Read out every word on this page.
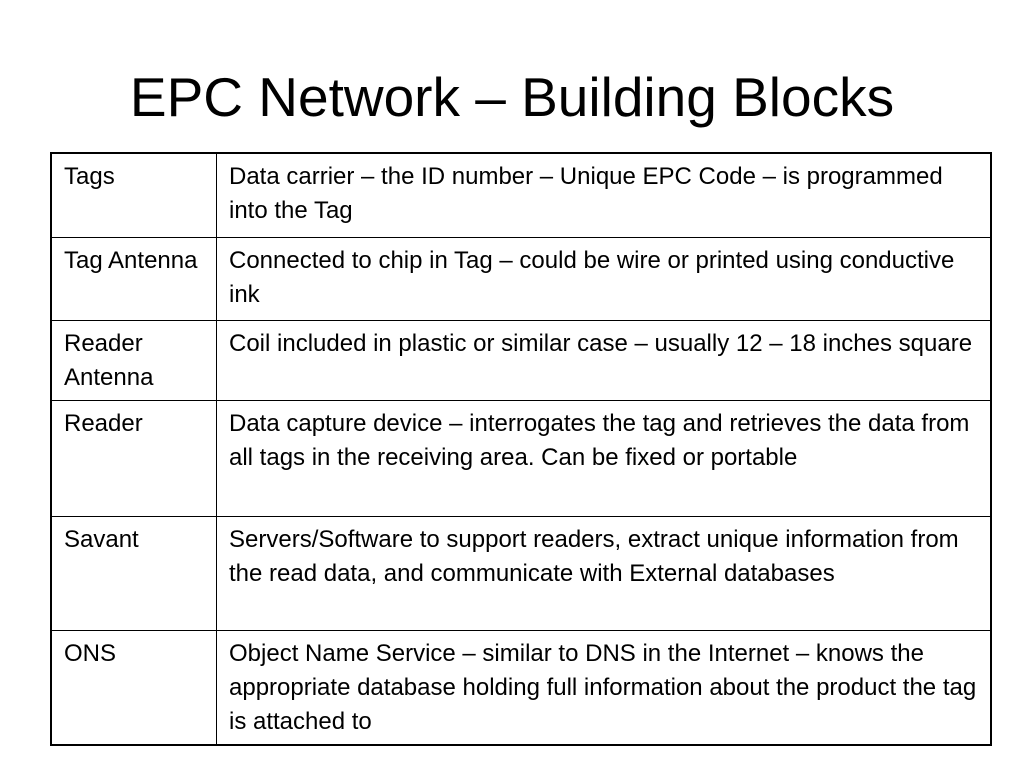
EPC Network – Building Blocks
Tags	Data carrier – the ID number – Unique EPC Code – is programmed into the Tag
Tag Antenna	Connected to chip in Tag – could be wire or printed using conductive ink
Reader Antenna	Coil included in plastic or similar case – usually 12 – 18 inches square
Reader	Data capture device – interrogates the tag and retrieves the data from all tags in the receiving area. Can be fixed or portable
Savant	Servers/Software to support readers, extract unique information from the read data, and communicate with External databases
ONS	Object Name Service – similar to DNS in the Internet – knows the appropriate database holding full information about the product the tag is attached to
